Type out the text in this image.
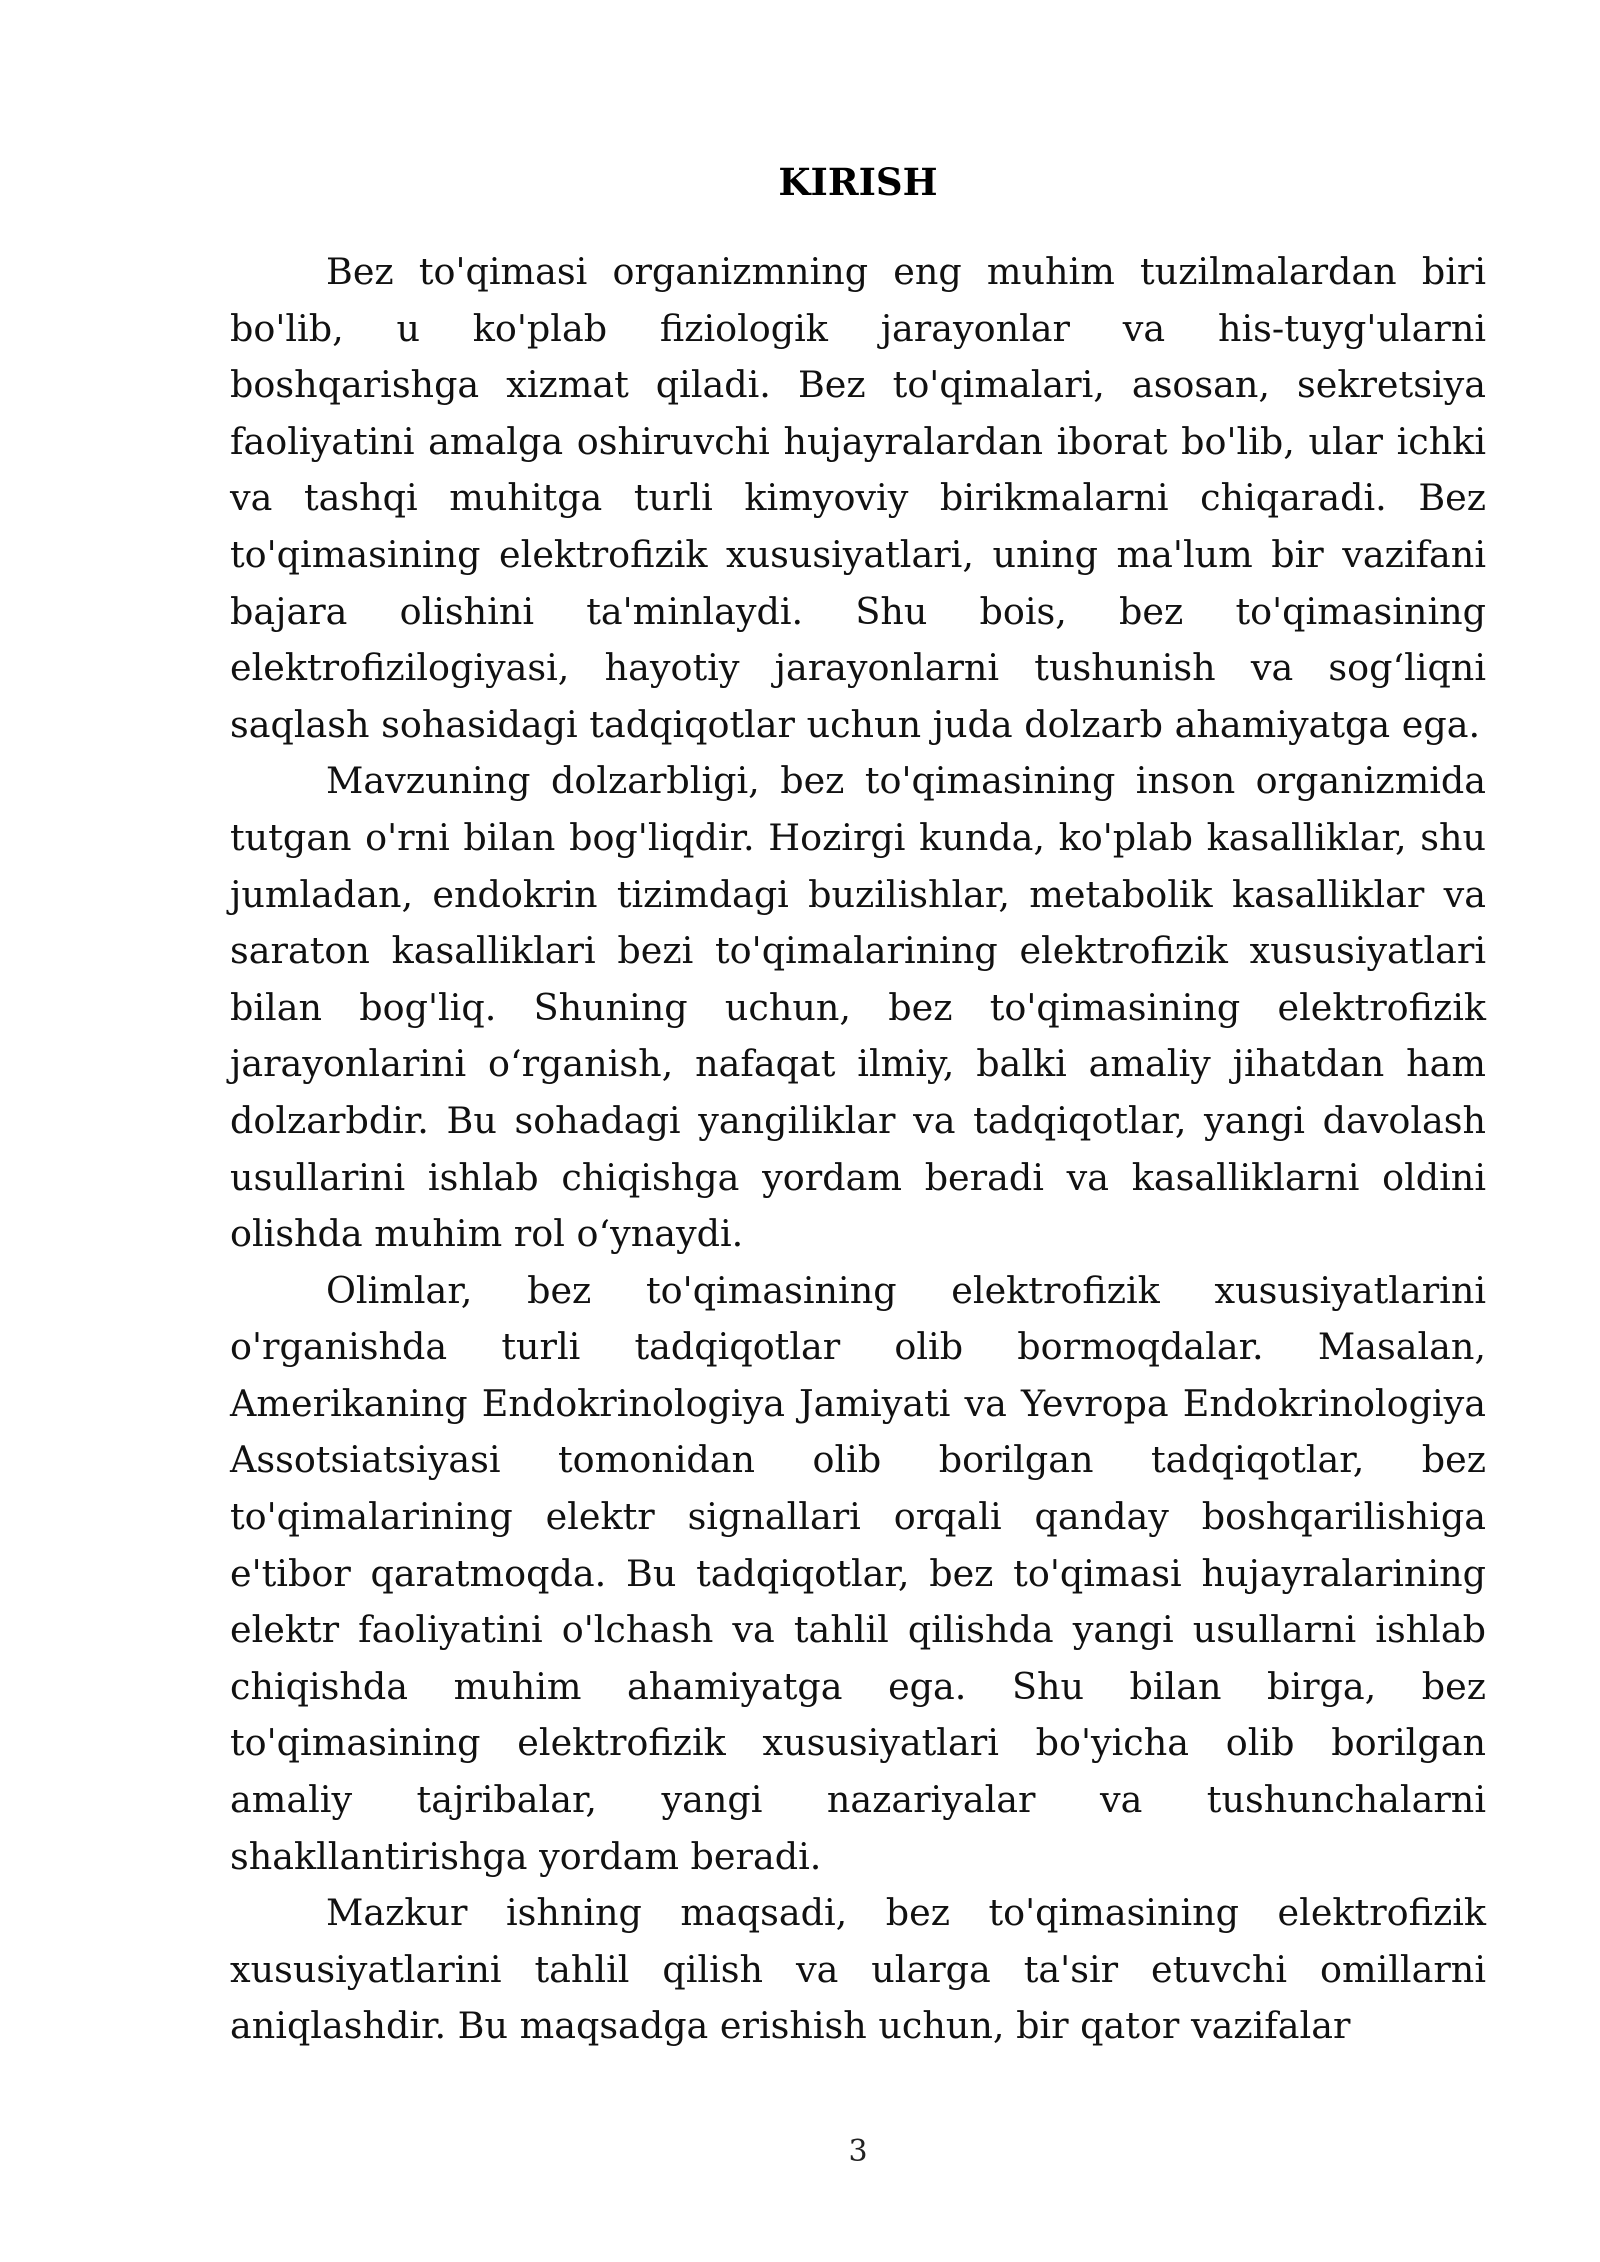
KIRISH

Bez to'qimasi organizmning eng muhim tuzilmalardan biri bo'lib, u ko'plab fiziologik jarayonlar va his-tuyg'ularni boshqarishga xizmat qiladi. Bez to'qimalari, asosan, sekretsiya faoliyatini amalga oshiruvchi hujayralardan iborat bo'lib, ular ichki va tashqi muhitga turli kimyoviy birikmalarni chiqaradi. Bez to'qimasining elektrofizik xususiyatlari, uning ma'lum bir vazifani bajara olishini ta'minlaydi. Shu bois, bez to'qimasining elektrofizilogiyasi, hayotiy jarayonlarni tushunish va sog‘liqni saqlash sohasidagi tadqiqotlar uchun juda dolzarb ahamiyatga ega.

Mavzuning dolzarbligi, bez to'qimasining inson organizmida tutgan o'rni bilan bog'liqdir. Hozirgi kunda, ko'plab kasalliklar, shu jumladan, endokrin tizimdagi buzilishlar, metabolik kasalliklar va saraton kasalliklari bezi to'qimalarining elektrofizik xususiyatlari bilan bog'liq. Shuning uchun, bez to'qimasining elektrofizik jarayonlarini o‘rganish, nafaqat ilmiy, balki amaliy jihatdan ham dolzarbdir. Bu sohadagi yangiliklar va tadqiqotlar, yangi davolash usullarini ishlab chiqishga yordam beradi va kasalliklarni oldini olishda muhim rol o‘ynaydi.

Olimlar, bez to'qimasining elektrofizik xususiyatlarini o'rganishda turli tadqiqotlar olib bormoqdalar. Masalan, Amerikaning Endokrinologiya Jamiyati va Yevropa Endokrinologiya Assotsiatsiyasi tomonidan olib borilgan tadqiqotlar, bez to'qimalarining elektr signallari orqali qanday boshqarilishiga e'tibor qaratmoqda. Bu tadqiqotlar, bez to'qimasi hujayralarining elektr faoliyatini o'lchash va tahlil qilishda yangi usullarni ishlab chiqishda muhim ahamiyatga ega. Shu bilan birga, bez to'qimasining elektrofizik xususiyatlari bo'yicha olib borilgan amaliy tajribalar, yangi nazariyalar va tushunchalarni shakllantirishga yordam beradi.

Mazkur ishning maqsadi, bez to'qimasining elektrofizik xususiyatlarini tahlil qilish va ularga ta'sir etuvchi omillarni aniqlashdir. Bu maqsadga erishish uchun, bir qator vazifalar

3
